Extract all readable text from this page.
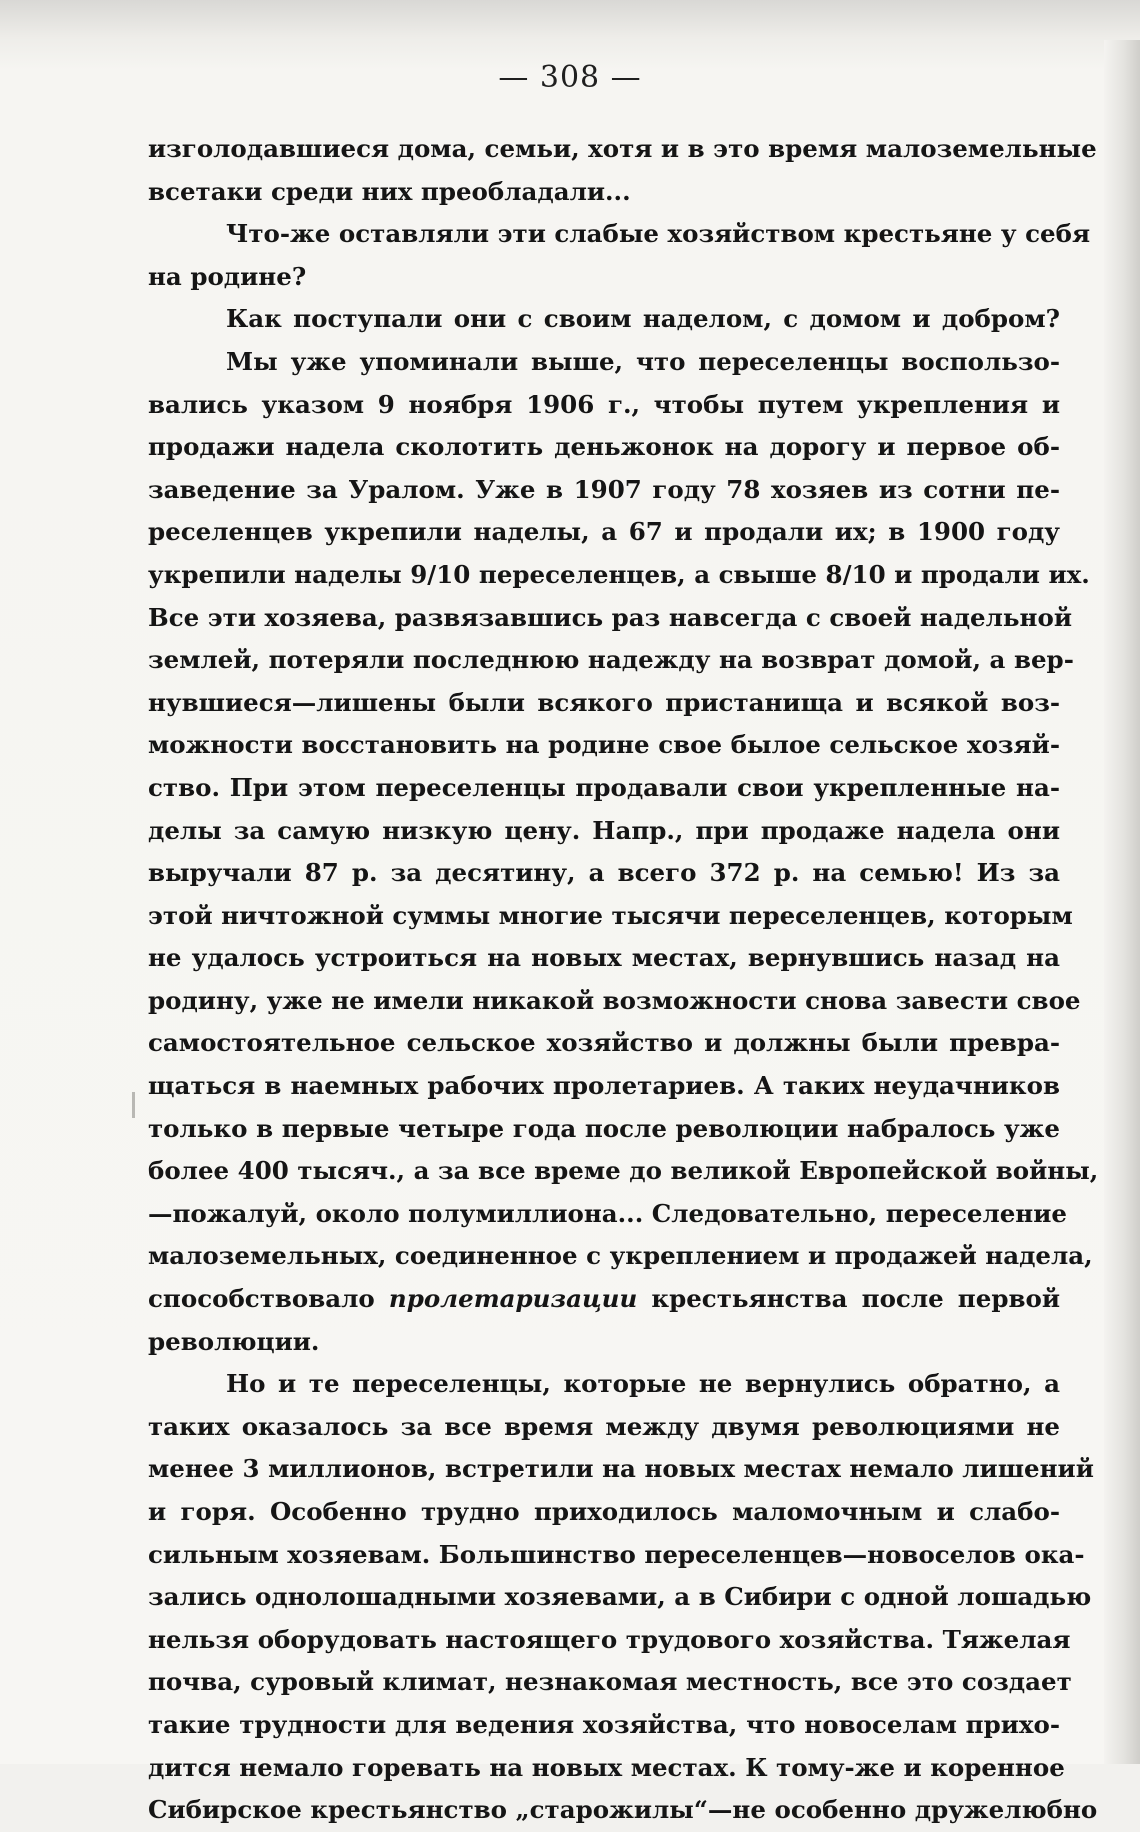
— 308 —
изголодавшиеся дома, семьи, хотя и в это время малоземельные
всетаки среди них преобладали...
Что-же оставляли эти слабые хозяйством крестьяне у себя
на родине?
Как поступали они с своим наделом, с домом и добром?
Мы уже упоминали выше, что переселенцы воспользо-
вались указом 9 ноября 1906 г., чтобы путем укрепления и
продажи надела сколотить деньжонок на дорогу и первое об-
заведение за Уралом. Уже в 1907 году 78 хозяев из сотни пе-
реселенцев укрепили наделы, а 67 и продали их; в 1900 году
укрепили наделы 9/10 переселенцев, а свыше 8/10 и продали их.
Все эти хозяева, развязавшись раз навсегда с своей надельной
землей, потеряли последнюю надежду на возврат домой, а вер-
нувшиеся—лишены были всякого пристанища и всякой воз-
можности восстановить на родине свое былое сельское хозяй-
ство. При этом переселенцы продавали свои укрепленные на-
делы за самую низкую цену. Напр., при продаже надела они
выручали 87 р. за десятину, а всего 372 р. на семью! Из за
этой ничтожной суммы многие тысячи переселенцев, которым
не удалось устроиться на новых местах, вернувшись назад на
родину, уже не имели никакой возможности снова завести свое
самостоятельное сельское хозяйство и должны были превра-
щаться в наемных рабочих пролетариев. А таких неудачников
только в первые четыре года после революции набралось уже
более 400 тысяч., а за все време до великой Европейской войны,
—пожалуй, около полумиллиона... Следовательно, переселение
малоземельных, соединенное с укреплением и продажей надела,
способствовало пролетаризации крестьянства после первой
революции.
Но и те переселенцы, которые не вернулись обратно, а
таких оказалось за все время между двумя революциями не
менее 3 миллионов, встретили на новых местах немало лишений
и горя. Особенно трудно приходилось маломочным и слабо-
сильным хозяевам. Большинство переселенцев—новоселов ока-
зались однолошадными хозяевами, а в Сибири с одной лошадью
нельзя оборудовать настоящего трудового хозяйства. Тяжелая
почва, суровый климат, незнакомая местность, все это создает
такие трудности для ведения хозяйства, что новоселам прихо-
дится немало горевать на новых местах. К тому-же и коренное
Сибирское крестьянство „старожилы“—не особенно дружелюбно
